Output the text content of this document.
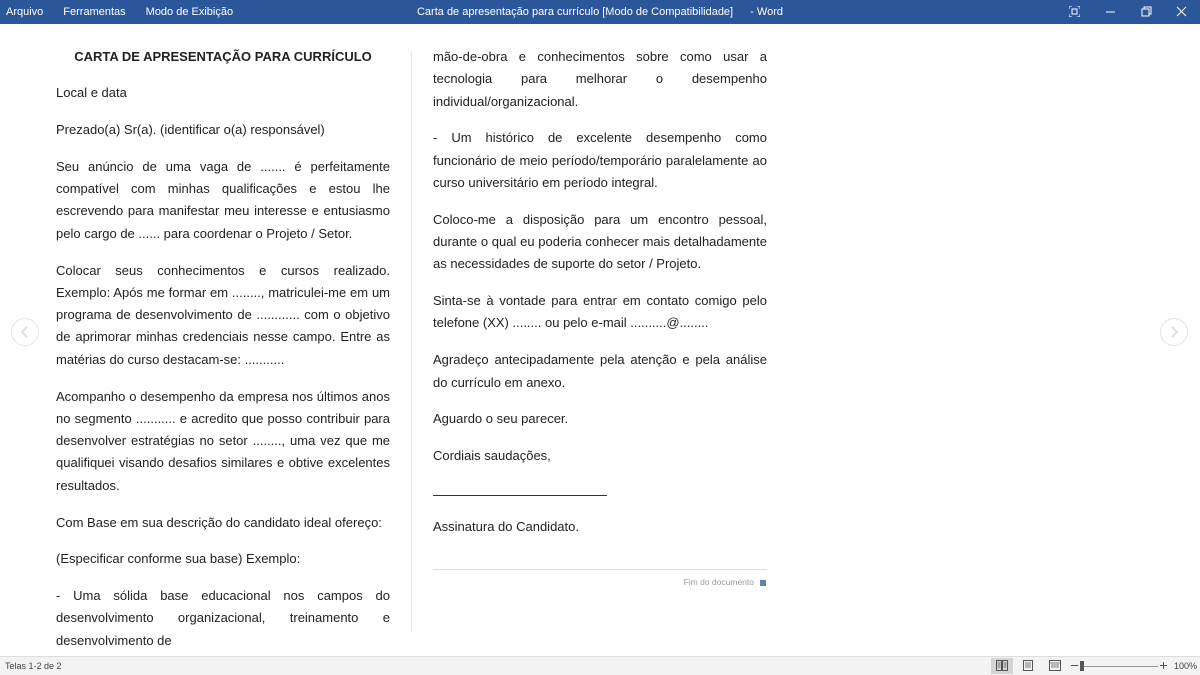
Arquivo	Ferramentas	Modo de Exibição	Carta de apresentação para currículo [Modo de Compatibilidade] - Word

CARTA DE APRESENTAÇÃO PARA CURRÍCULO

Local e data

Prezado(a) Sr(a). (identificar o(a) responsável)

Seu anúncio de uma vaga de ....... é perfeitamente compatível com minhas qualificações e estou lhe escrevendo para manifestar meu interesse e entusiasmo pelo cargo de ...... para coordenar o Projeto / Setor.

Colocar seus conhecimentos e cursos realizado. Exemplo: Após me formar em ........, matriculei-me em um programa de desenvolvimento de ............ com o objetivo de aprimorar minhas credenciais nesse campo. Entre as matérias do curso destacam-se: ...........

Acompanho o desempenho da empresa nos últimos anos no segmento ........... e acredito que posso contribuir para desenvolver estratégias no setor ........, uma vez que me qualifiquei visando desafios similares e obtive excelentes resultados.

Com Base em sua descrição do candidato ideal ofereço:

(Especificar conforme sua base) Exemplo:

- Uma sólida base educacional nos campos do desenvolvimento organizacional, treinamento e desenvolvimento de

mão-de-obra e conhecimentos sobre como usar a tecnologia para melhorar o desempenho individual/organizacional.

- Um histórico de excelente desempenho como funcionário de meio período/temporário paralelamente ao curso universitário em período integral.

Coloco-me a disposição para um encontro pessoal, durante o qual eu poderia conhecer mais detalhadamente as necessidades de suporte do setor / Projeto.

Sinta-se à vontade para entrar em contato comigo pelo telefone (XX) ........ ou pelo e-mail ..........@........

Agradeço antecipadamente pela atenção e pela análise do currículo em anexo.

Aguardo o seu parecer.

Cordiais saudações,

Assinatura do Candidato.

Fim do documento
Telas 1-2 de 2	100%
